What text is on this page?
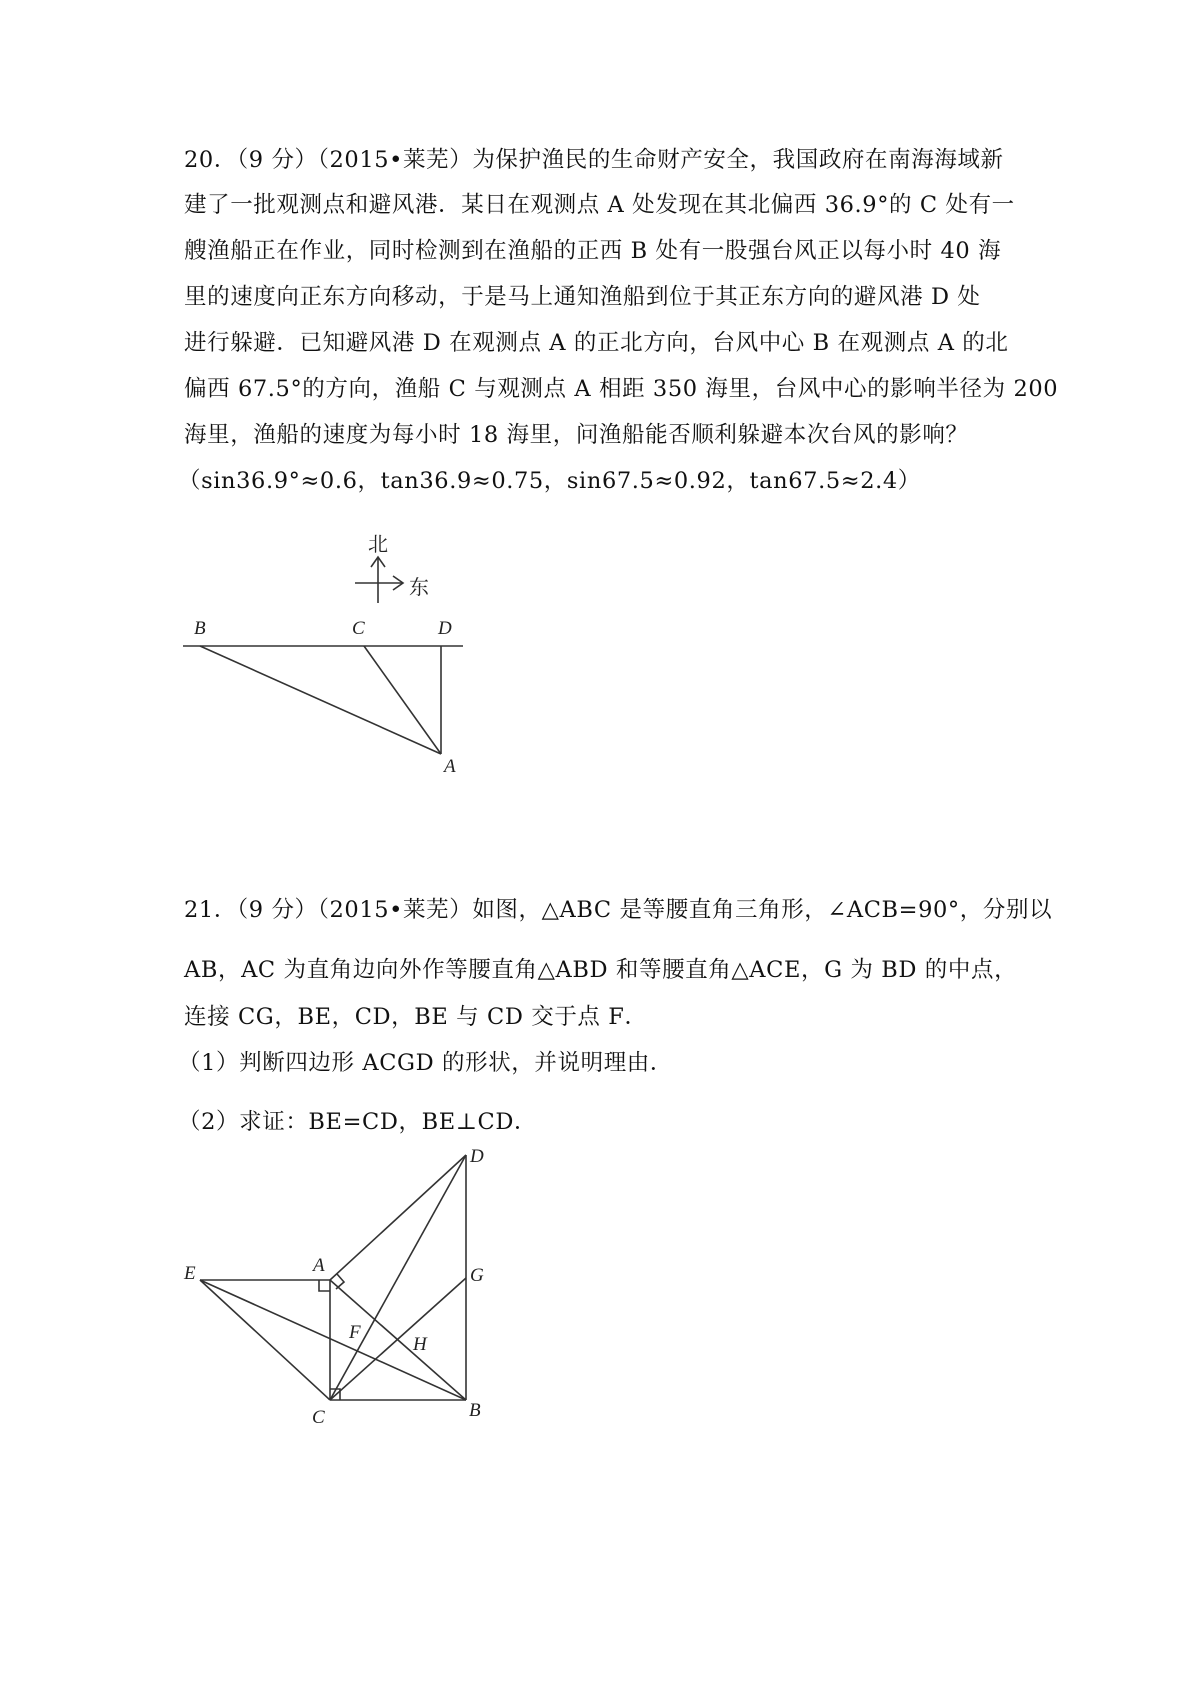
20．（9 分）（2015•莱芜）为保护渔民的生命财产安全，我国政府在南海海域新
建了一批观测点和避风港．某日在观测点 A 处发现在其北偏西 36.9°的 C 处有一
艘渔船正在作业，同时检测到在渔船的正西 B 处有一股强台风正以每小时 40 海
里的速度向正东方向移动，于是马上通知渔船到位于其正东方向的避风港 D 处
进行躲避．已知避风港 D 在观测点 A 的正北方向，台风中心 B 在观测点 A 的北
偏西 67.5°的方向，渔船 C 与观测点 A 相距 350 海里，台风中心的影响半径为 200
海里，渔船的速度为每小时 18 海里，问渔船能否顺利躲避本次台风的影响？
（sin36.9°≈0.6，tan36.9≈0.75，sin67.5≈0.92，tan67.5≈2.4）
北
东
B	C	D
A
21．（9 分）（2015•莱芜）如图，△ABC 是等腰直角三角形，∠ACB=90°，分别以
AB，AC 为直角边向外作等腰直角△ABD 和等腰直角△ACE，G 为 BD 的中点，
连接 CG，BE，CD，BE 与 CD 交于点 F．
（1）判断四边形 ACGD 的形状，并说明理由．
（2）求证：BE=CD，BE⊥CD．
D
A
E	G
F
H
C	B
